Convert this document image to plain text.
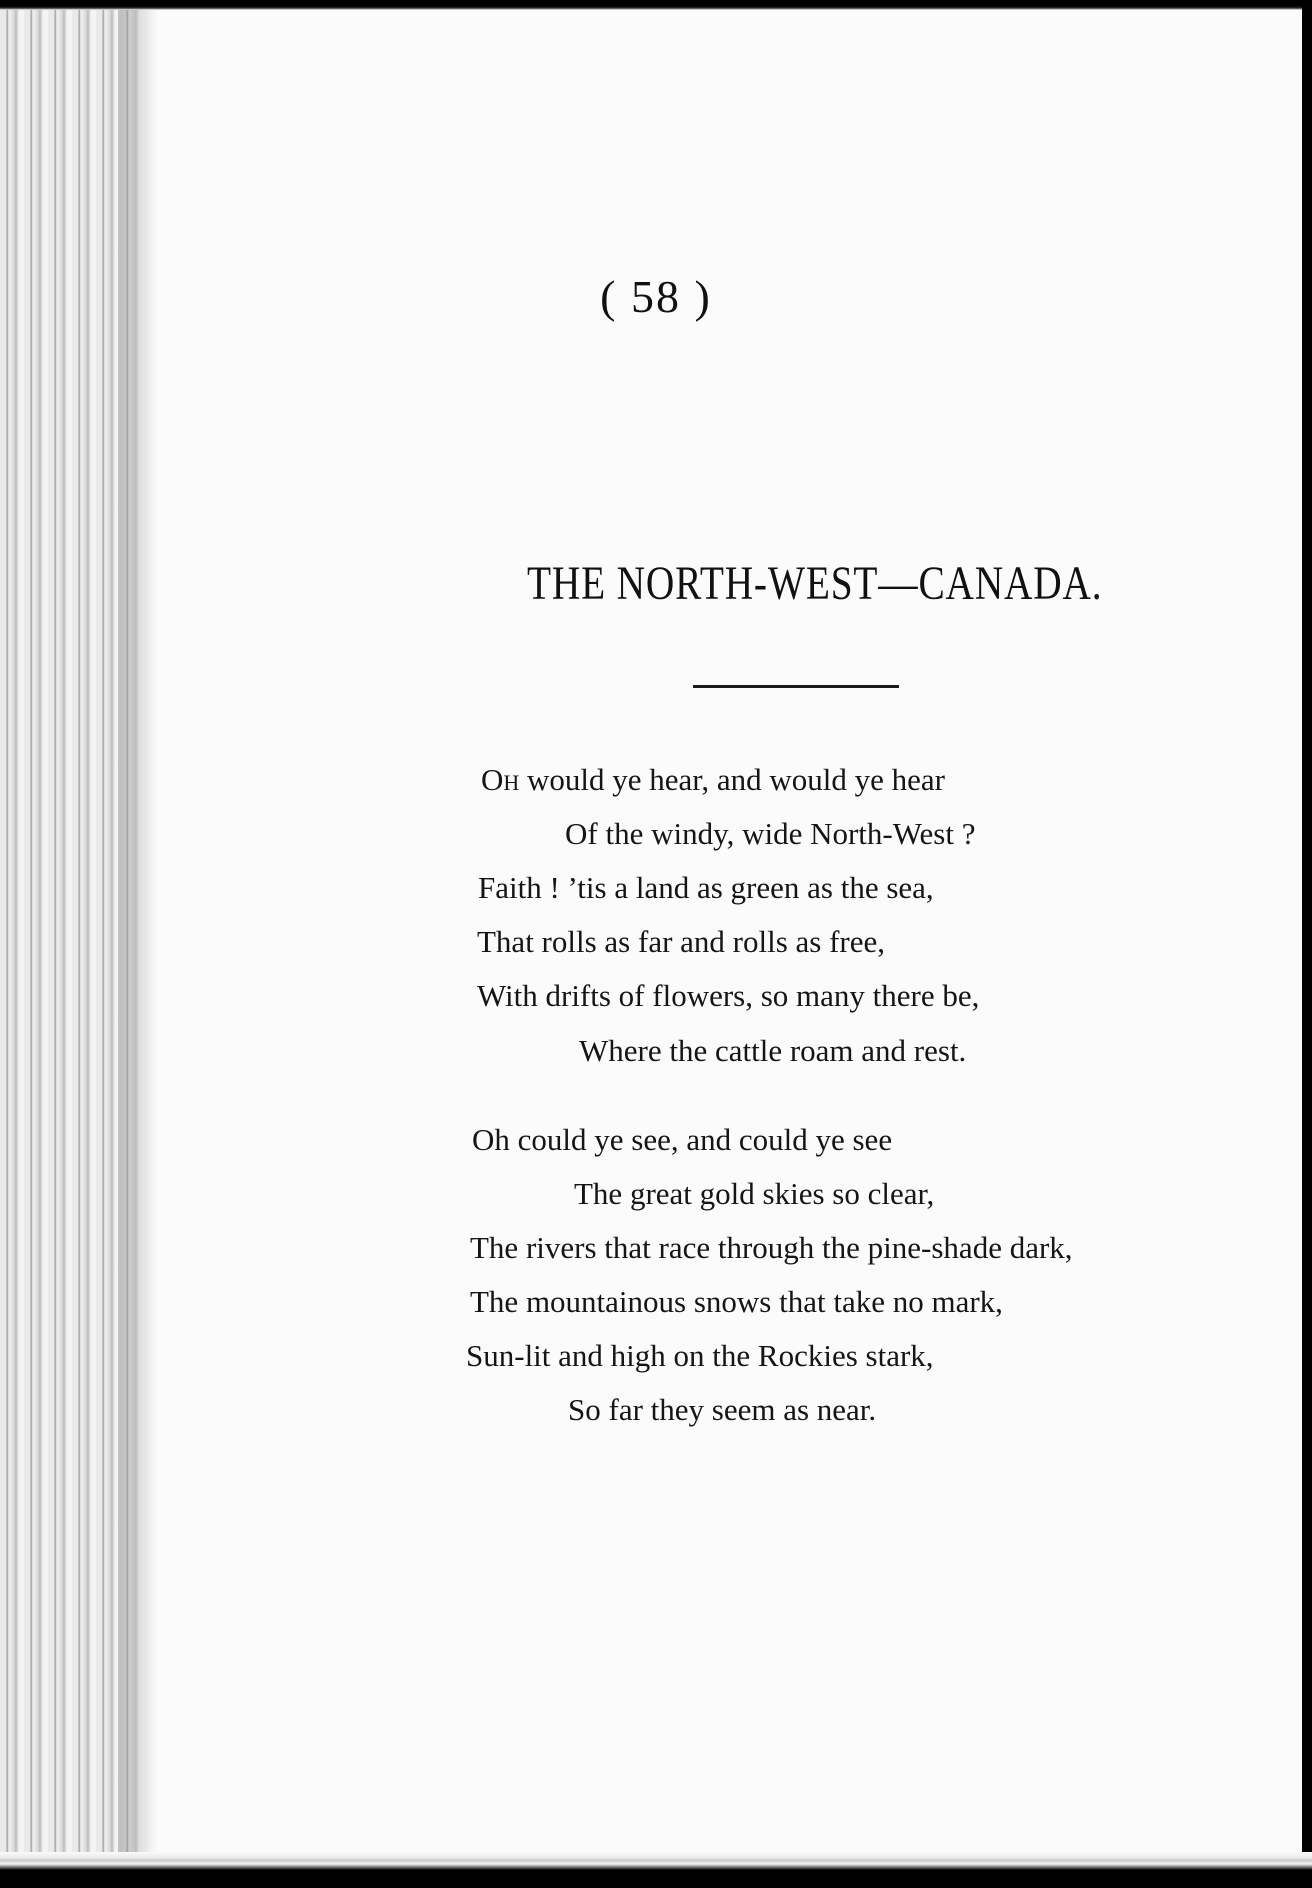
( 58 )
THE NORTH-WEST—CANADA.
Oh would ye hear, and would ye hear
Of the windy, wide North-West ?
Faith ! ’tis a land as green as the sea,
That rolls as far and rolls as free,
With drifts of flowers, so many there be,
Where the cattle roam and rest.
Oh could ye see, and could ye see
The great gold skies so clear,
The rivers that race through the pine-shade dark,
The mountainous snows that take no mark,
Sun-lit and high on the Rockies stark,
So far they seem as near.
